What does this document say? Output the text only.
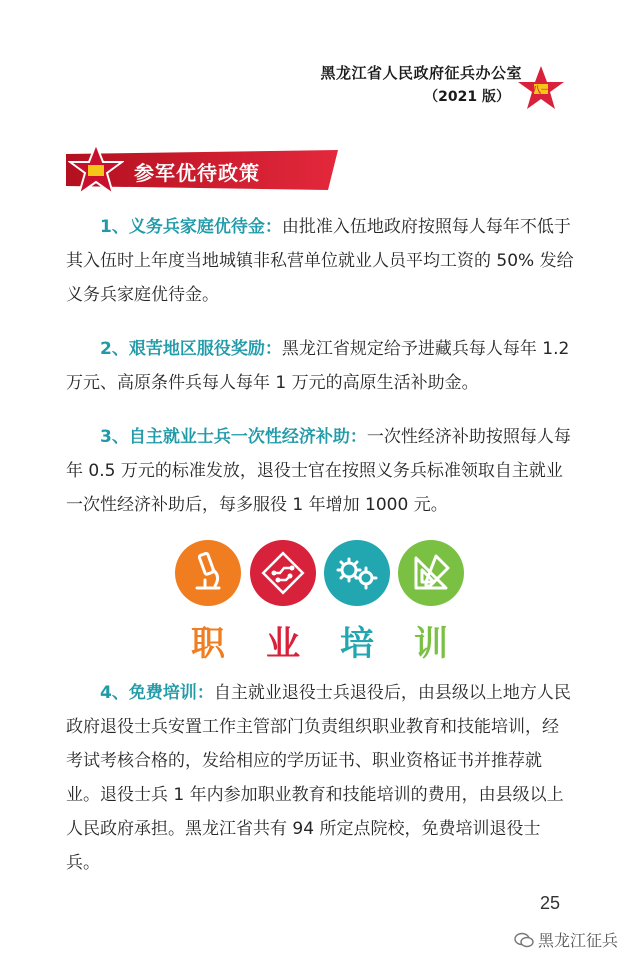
黑龙江省人民政府征兵办公室
（2021 版） 八一
参军优待政策
1、义务兵家庭优待金：由批准入伍地政府按照每人每年不低于其入伍时上年度当地城镇非私营单位就业人员平均工资的 50% 发给义务兵家庭优待金。
2、艰苦地区服役奖励：黑龙江省规定给予进藏兵每人每年 1.2 万元、高原条件兵每人每年 1 万元的高原生活补助金。
3、自主就业士兵一次性经济补助：一次性经济补助按照每人每年 0.5 万元的标准发放，退役士官在按照义务兵标准领取自主就业一次性经济补助后，每多服役 1 年增加 1000 元。
职	业	培	训
4、免费培训：自主就业退役士兵退役后，由县级以上地方人民政府退役士兵安置工作主管部门负责组织职业教育和技能培训，经考试考核合格的，发给相应的学历证书、职业资格证书并推荐就业。退役士兵 1 年内参加职业教育和技能培训的费用，由县级以上人民政府承担。黑龙江省共有 94 所定点院校，免费培训退役士兵。
25
黑龙江征兵
